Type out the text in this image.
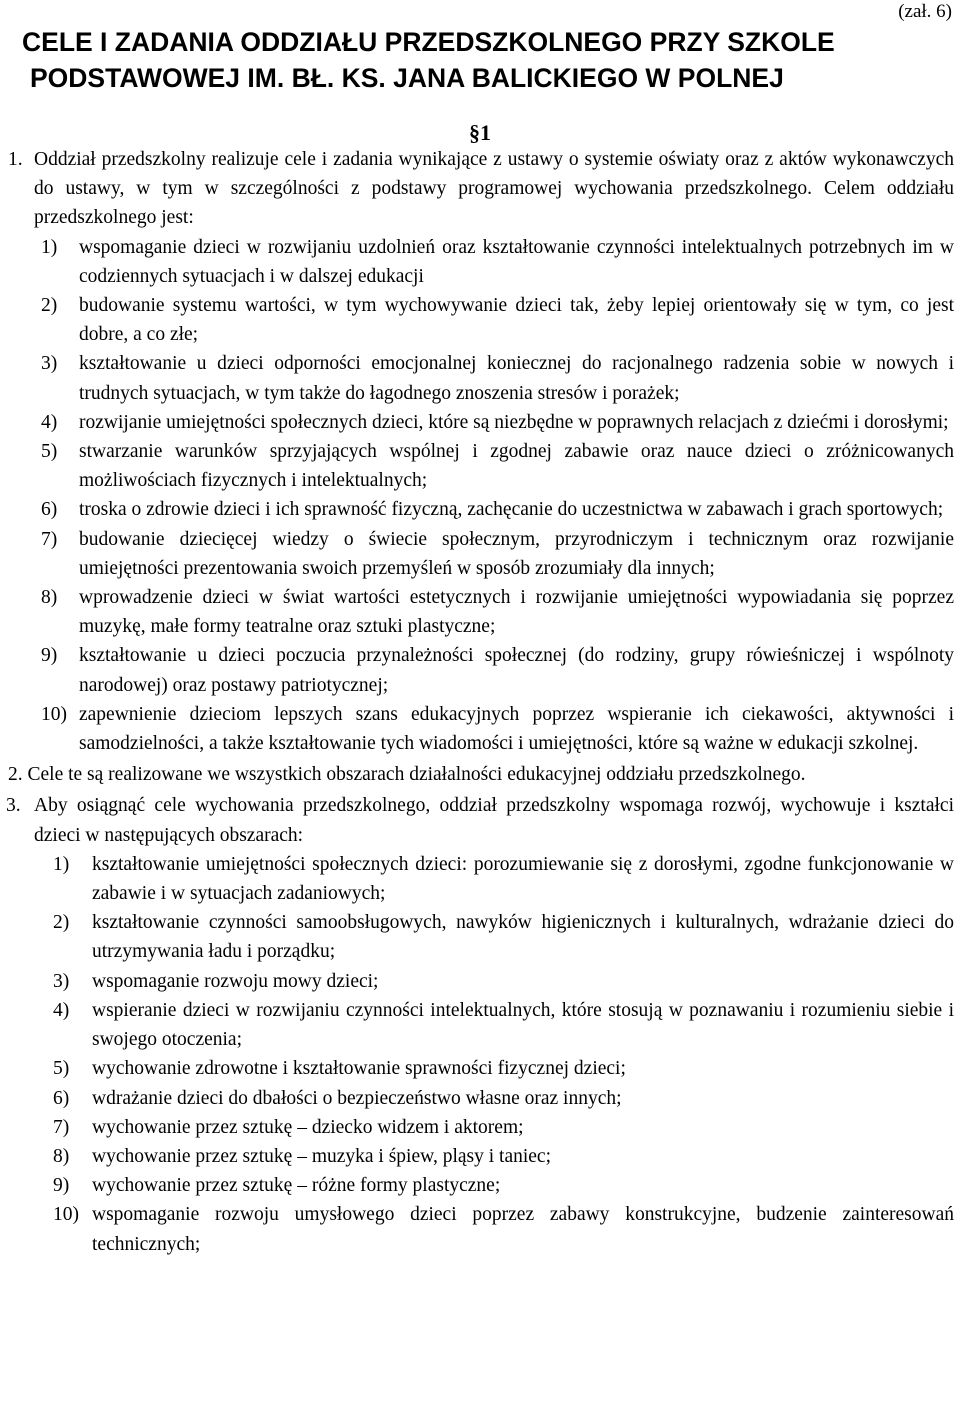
(zał. 6)
CELE I ZADANIA ODDZIAŁU PRZEDSZKOLNEGO PRZY SZKOLE
PODSTAWOWEJ IM. BŁ. KS. JANA BALICKIEGO W POLNEJ
§1
1. Oddział przedszkolny realizuje cele i zadania wynikające z ustawy o systemie oświaty oraz z aktów wykonawczych do ustawy, w tym w szczególności z podstawy programowej wychowania przedszkolnego. Celem oddziału przedszkolnego jest:
1) wspomaganie dzieci w rozwijaniu uzdolnień oraz kształtowanie czynności intelektualnych potrzebnych im w codziennych sytuacjach i w dalszej edukacji
2) budowanie systemu wartości, w tym wychowywanie dzieci tak, żeby lepiej orientowały się w tym, co jest dobre, a co złe;
3) kształtowanie u dzieci odporności emocjonalnej koniecznej do racjonalnego radzenia sobie w nowych i trudnych sytuacjach, w tym także do łagodnego znoszenia stresów i porażek;
4) rozwijanie umiejętności społecznych dzieci, które są niezbędne w poprawnych relacjach z dziećmi i dorosłymi;
5) stwarzanie warunków sprzyjających wspólnej i zgodnej zabawie oraz nauce dzieci o zróżnicowanych możliwościach fizycznych i intelektualnych;
6) troska o zdrowie dzieci i ich sprawność fizyczną, zachęcanie do uczestnictwa w zabawach i grach sportowych;
7) budowanie dziecięcej wiedzy o świecie społecznym, przyrodniczym i technicznym oraz rozwijanie umiejętności prezentowania swoich przemyśleń w sposób zrozumiały dla innych;
8) wprowadzenie dzieci w świat wartości estetycznych i rozwijanie umiejętności wypowiadania się poprzez muzykę, małe formy teatralne oraz sztuki plastyczne;
9) kształtowanie u dzieci poczucia przynależności społecznej (do rodziny, grupy rówieśniczej i wspólnoty narodowej) oraz postawy patriotycznej;
10) zapewnienie dzieciom lepszych szans edukacyjnych poprzez wspieranie ich ciekawości, aktywności i samodzielności, a także kształtowanie tych wiadomości i umiejętności, które są ważne w edukacji szkolnej.
2. Cele te są realizowane we wszystkich obszarach działalności edukacyjnej oddziału przedszkolnego.
3. Aby osiągnąć cele wychowania przedszkolnego, oddział przedszkolny wspomaga rozwój, wychowuje i kształci dzieci w następujących obszarach:
1) kształtowanie umiejętności społecznych dzieci: porozumiewanie się z dorosłymi, zgodne funkcjonowanie w zabawie i w sytuacjach zadaniowych;
2) kształtowanie czynności samoobsługowych, nawyków higienicznych i kulturalnych, wdrażanie dzieci do utrzymywania ładu i porządku;
3) wspomaganie rozwoju mowy dzieci;
4) wspieranie dzieci w rozwijaniu czynności intelektualnych, które stosują w poznawaniu i rozumieniu siebie i swojego otoczenia;
5) wychowanie zdrowotne i kształtowanie sprawności fizycznej dzieci;
6) wdrażanie dzieci do dbałości o bezpieczeństwo własne oraz innych;
7) wychowanie przez sztukę – dziecko widzem i aktorem;
8) wychowanie przez sztukę – muzyka i śpiew, pląsy i taniec;
9) wychowanie przez sztukę – różne formy plastyczne;
10) wspomaganie rozwoju umysłowego dzieci poprzez zabawy konstrukcyjne, budzenie zainteresowań technicznych;
